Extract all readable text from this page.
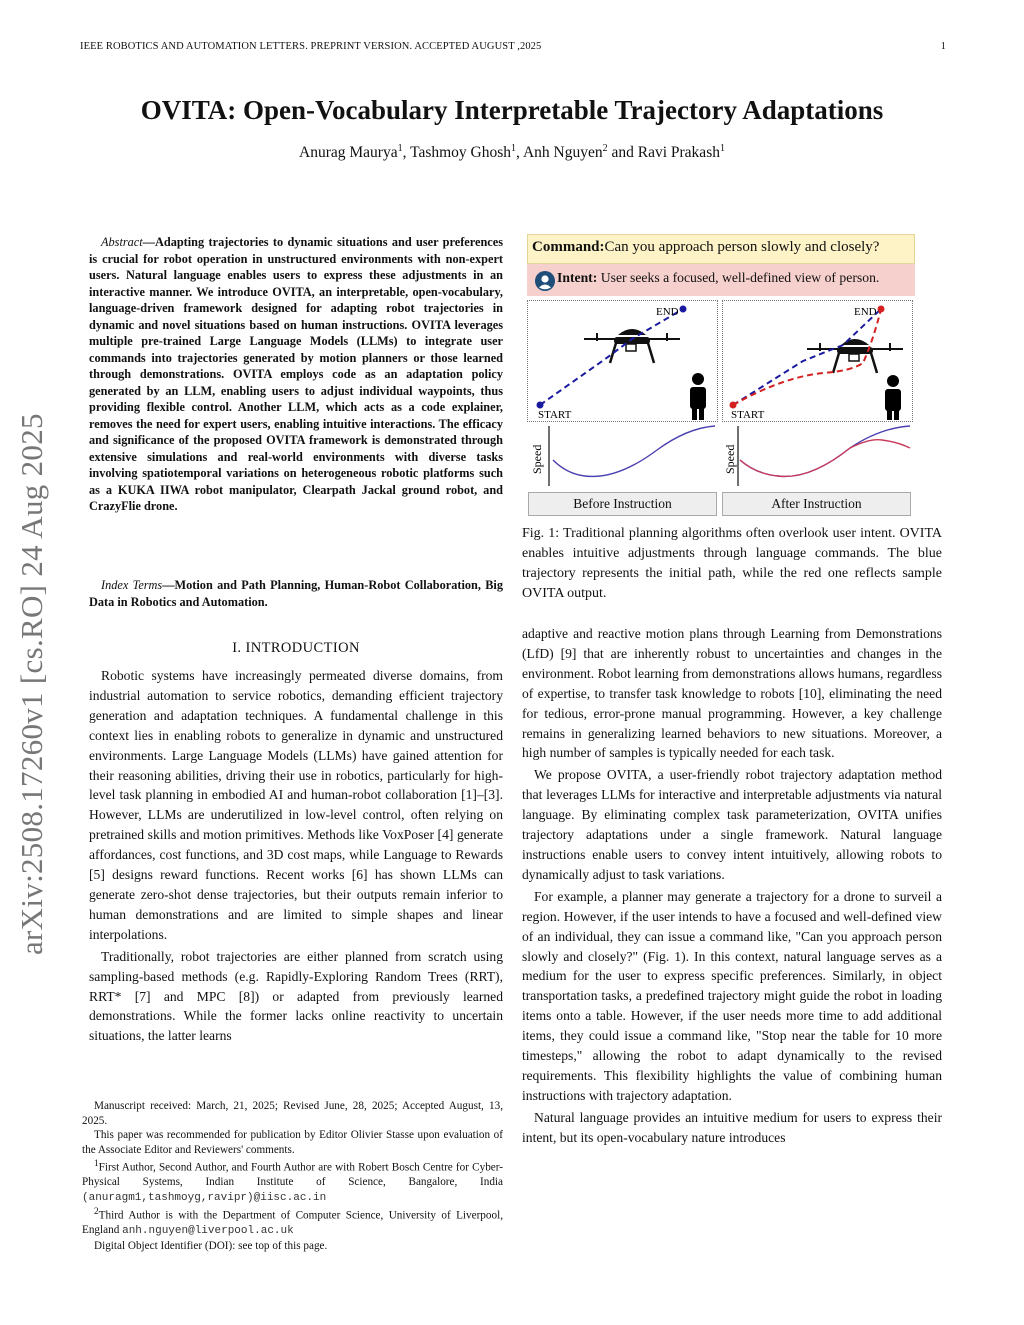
IEEE ROBOTICS AND AUTOMATION LETTERS. PREPRINT VERSION. ACCEPTED AUGUST ,2025	1
OVITA: Open-Vocabulary Interpretable Trajectory Adaptations
Anurag Maurya$^1$, Tashmoy Ghosh$^1$, Anh Nguyen$^2$ and Ravi Prakash$^1$
arXiv:2508.17260v1 [cs.RO] 24 Aug 2025

Abstract—Adapting trajectories to dynamic situations and user preferences is crucial for robot operation in unstructured environments with non-expert users. Natural language enables users to express these adjustments in an interactive manner. We introduce OVITA, an interpretable, open-vocabulary, language-driven framework designed for adapting robot trajectories in dynamic and novel situations based on human instructions. OVITA leverages multiple pre-trained Large Language Models (LLMs) to integrate user commands into trajectories generated by motion planners or those learned through demonstrations. OVITA employs code as an adaptation policy generated by an LLM, enabling users to adjust individual waypoints, thus providing flexible control. Another LLM, which acts as a code explainer, removes the need for expert users, enabling intuitive interactions. The efficacy and significance of the proposed OVITA framework is demonstrated through extensive simulations and real-world environments with diverse tasks involving spatiotemporal variations on heterogeneous robotic platforms such as a KUKA IIWA robot manipulator, Clearpath Jackal ground robot, and CrazyFlie drone.

Index Terms—Motion and Path Planning, Human-Robot Collaboration, Big Data in Robotics and Automation.

I. INTRODUCTION

Robotic systems have increasingly permeated diverse domains, from industrial automation to service robotics, demanding efficient trajectory generation and adaptation techniques. A fundamental challenge in this context lies in enabling robots to generalize in dynamic and unstructured environments. Large Language Models (LLMs) have gained attention for their reasoning abilities, driving their use in robotics, particularly for high-level task planning in embodied AI and human-robot collaboration [1]–[3]. However, LLMs are underutilized in low-level control, often relying on pretrained skills and motion primitives. Methods like VoxPoser [4] generate affordances, cost functions, and 3D cost maps, while Language to Rewards [5] designs reward functions. Recent works [6] has shown LLMs can generate zero-shot dense trajectories, but their outputs remain inferior to human demonstrations and are limited to simple shapes and linear interpolations.

Traditionally, robot trajectories are either planned from scratch using sampling-based methods (e.g. Rapidly-Exploring Random Trees (RRT), RRT* [7] and MPC [8]) or adapted from previously learned demonstrations. While the former lacks online reactivity to uncertain situations, the latter learns

Manuscript received: March, 21, 2025; Revised June, 28, 2025; Accepted August, 13, 2025.

This paper was recommended for publication by Editor Olivier Stasse upon evaluation of the Associate Editor and Reviewers' comments.

$^1$First Author, Second Author, and Fourth Author are with Robert Bosch Centre for Cyber-Physical Systems, Indian Institute of Science, Bangalore, India (anuragm1,tashmoyg,ravipr)@iisc.ac.in

$^2$Third Author is with the Department of Computer Science, University of Liverpool, England anh.nguyen@liverpool.ac.uk

Digital Object Identifier (DOI): see top of this page.

Command:Can you approach person slowly and closely?
Intent: User seeks a focused, well-defined view of person.
START
END
START
END
Speed	Speed
Before Instruction	After Instruction
Fig. 1: Traditional planning algorithms often overlook user intent. OVITA enables intuitive adjustments through language commands. The blue trajectory represents the initial path, while the red one reflects sample OVITA output.

adaptive and reactive motion plans through Learning from Demonstrations (LfD) [9] that are inherently robust to uncertainties and changes in the environment. Robot learning from demonstrations allows humans, regardless of expertise, to transfer task knowledge to robots [10], eliminating the need for tedious, error-prone manual programming. However, a key challenge remains in generalizing learned behaviors to new situations. Moreover, a high number of samples is typically needed for each task.

We propose OVITA, a user-friendly robot trajectory adaptation method that leverages LLMs for interactive and interpretable adjustments via natural language. By eliminating complex task parameterization, OVITA unifies trajectory adaptations under a single framework. Natural language instructions enable users to convey intent intuitively, allowing robots to dynamically adjust to task variations.

For example, a planner may generate a trajectory for a drone to surveil a region. However, if the user intends to have a focused and well-defined view of an individual, they can issue a command like, "Can you approach person slowly and closely?" (Fig. 1). In this context, natural language serves as a medium for the user to express specific preferences. Similarly, in object transportation tasks, a predefined trajectory might guide the robot in loading items onto a table. However, if the user needs more time to add additional items, they could issue a command like, "Stop near the table for 10 more timesteps," allowing the robot to adapt dynamically to the revised requirements. This flexibility highlights the value of combining human instructions with trajectory adaptation.

Natural language provides an intuitive medium for users to express their intent, but its open-vocabulary nature introduces
